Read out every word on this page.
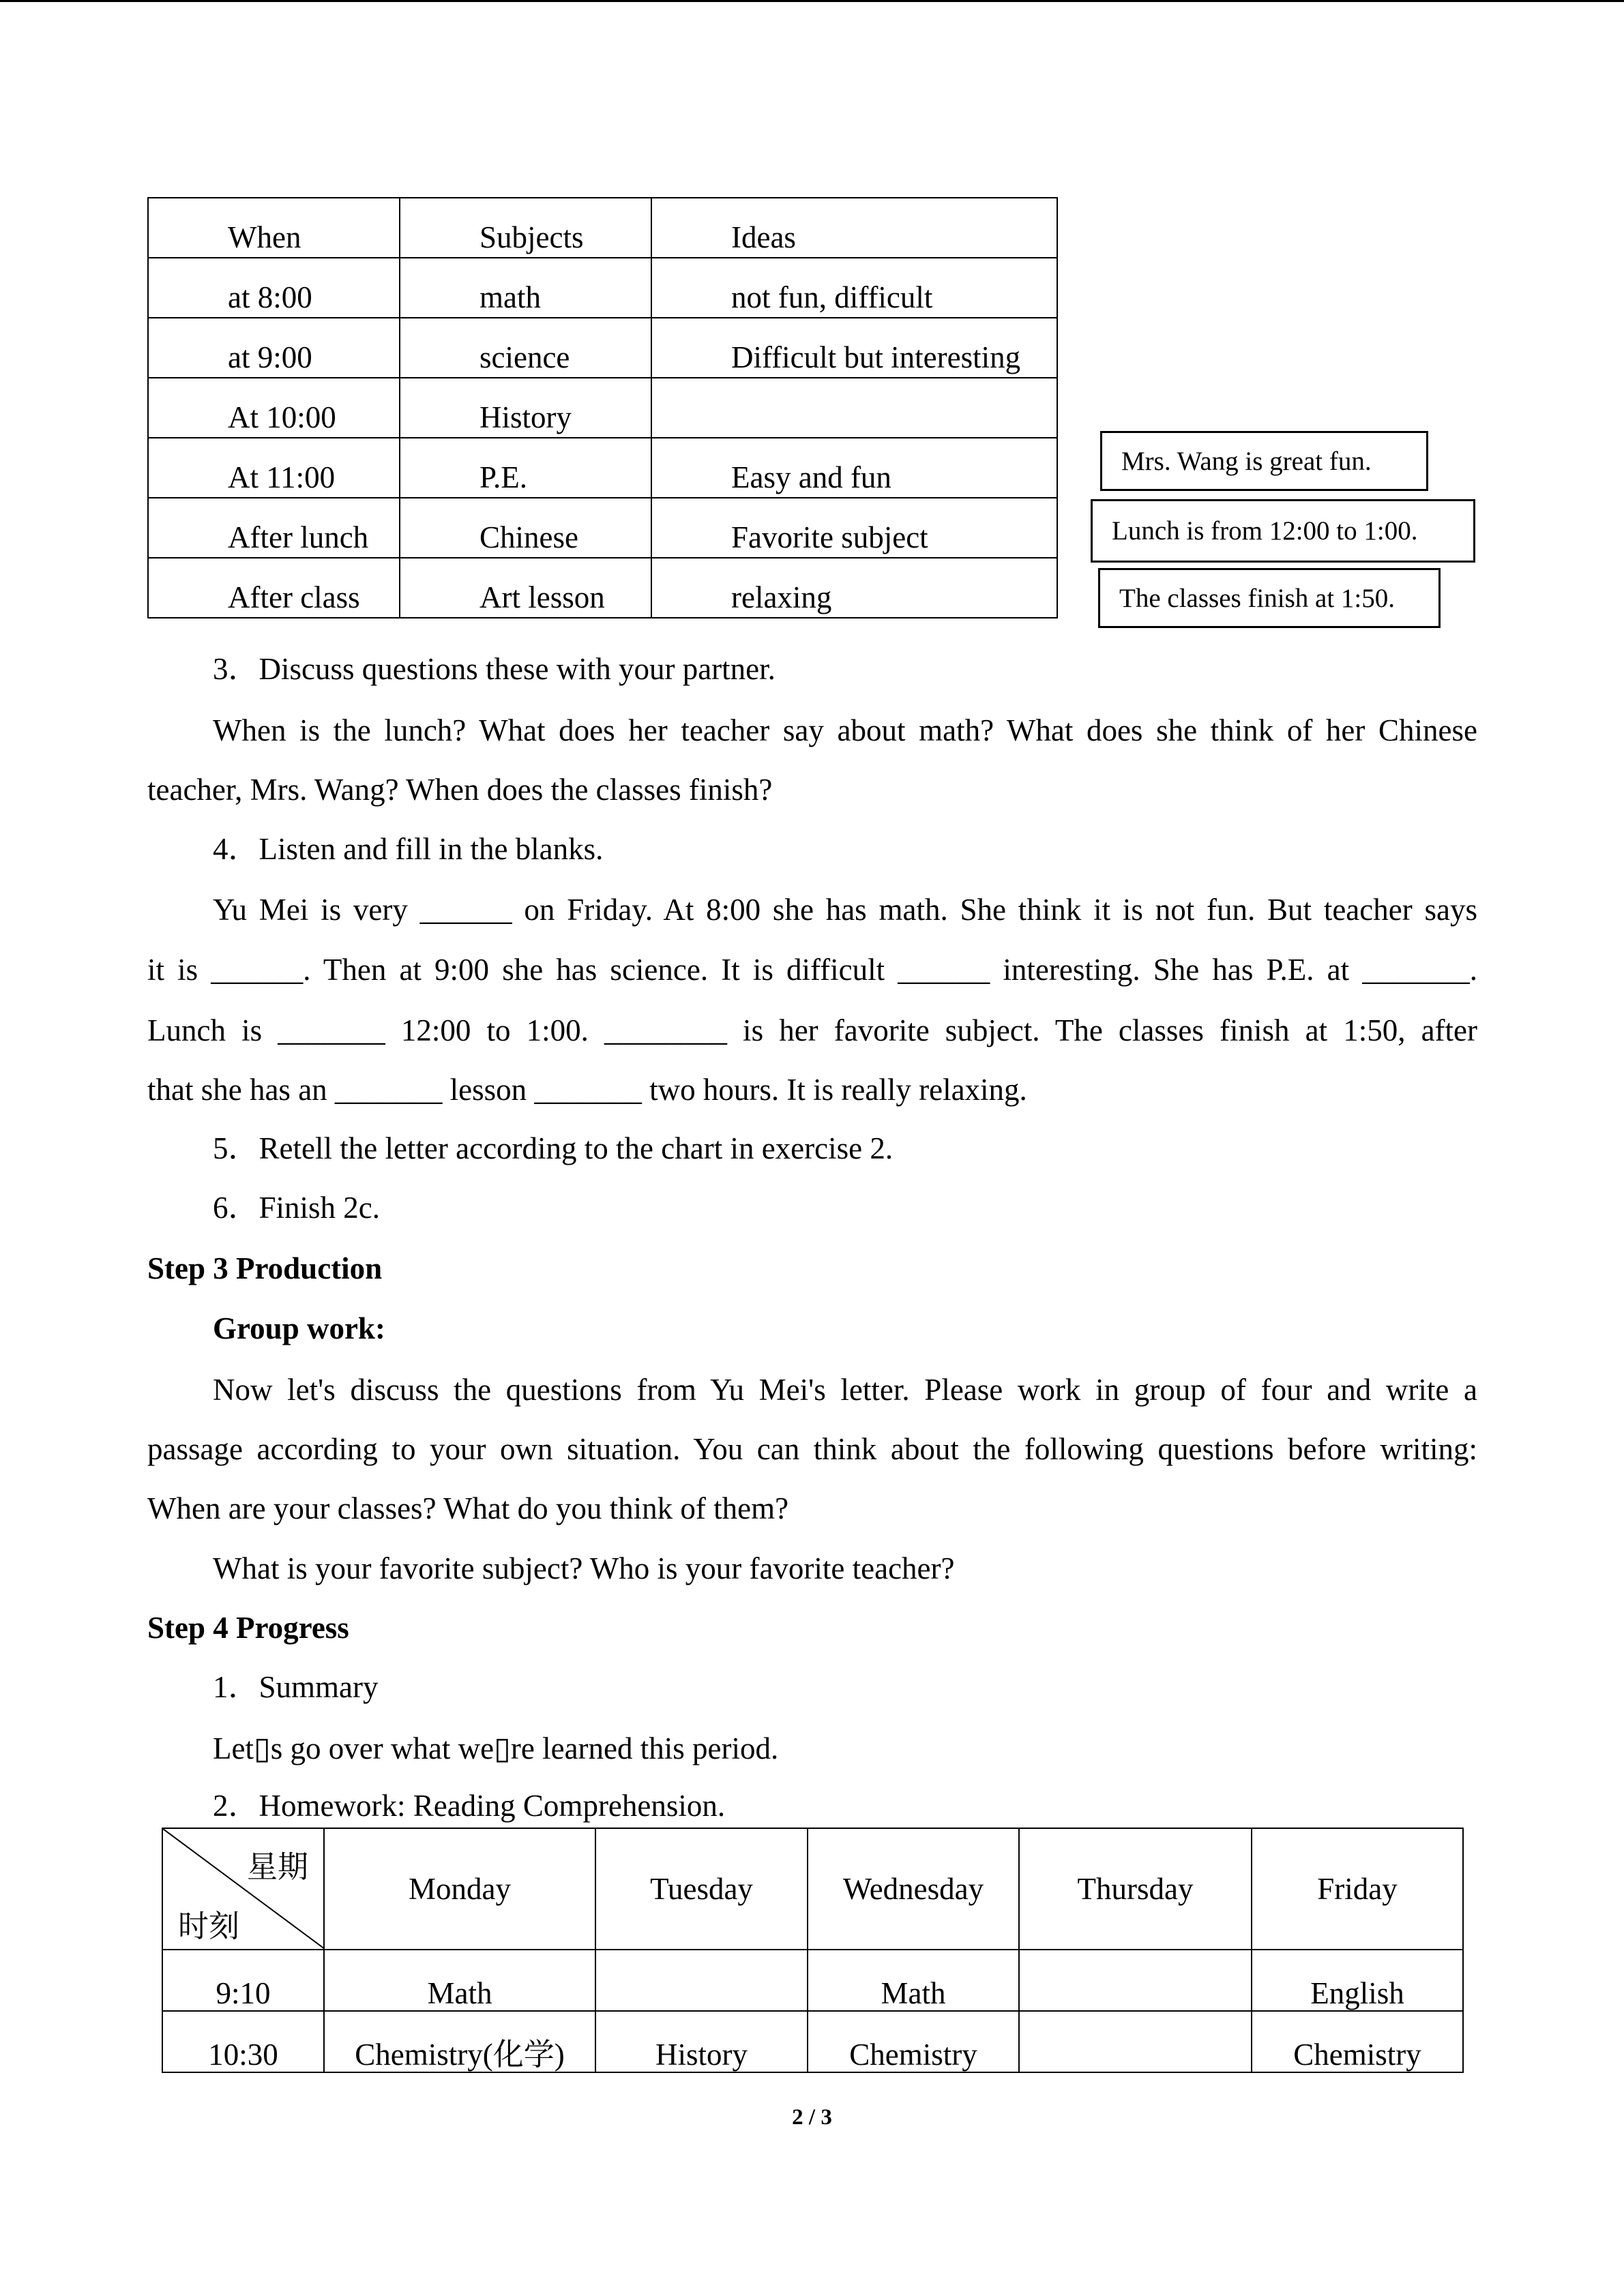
When	Subjects	Ideas

at 8:00	math	not fun, difficult

at 9:00	science	Difficult but interesting

At 10:00	History	

At 11:00	P.E.	Easy and fun

After lunch	Chinese	Favorite subject

After class	Art lesson	relaxing
Mrs. Wang is great fun.
Lunch is from 12:00 to 1:00.
The classes finish at 1:50.
3．Discuss questions these with your partner.
When is the lunch? What does her teacher say about math? What does she think of her Chinese
teacher, Mrs. Wang? When does the classes finish?
4．Listen and fill in the blanks.
Yu Mei is very ______ on Friday. At 8:00 she has math. She think it is not fun. But teacher says
it is ______. Then at 9:00 she has science. It is difficult ______ interesting. She has P.E. at _______.
Lunch is _______ 12:00 to 1:00. ________ is her favorite subject. The classes finish at 1:50, after
that she has an _______ lesson _______ two hours. It is really relaxing.
5．Retell the letter according to the chart in exercise 2.
6．Finish 2c.
Step 3 Production
Group work:
Now let's discuss the questions from Yu Mei's letter. Please work in group of four and write a
passage according to your own situation. You can think about the following questions before writing:
When are your classes? What do you think of them?
What is your favorite subject? Who is your favorite teacher?
Step 4 Progress
1．Summary
Let▯s go over what we▯re learned this period.
2．Homework: Reading Comprehension.
星期
时刻	Monday	Tuesday	Wednesday	Thursday	Friday

9:10	Math		Math		English

10:30	Chemistry(化学)	History	Chemistry		Chemistry
2 / 3
